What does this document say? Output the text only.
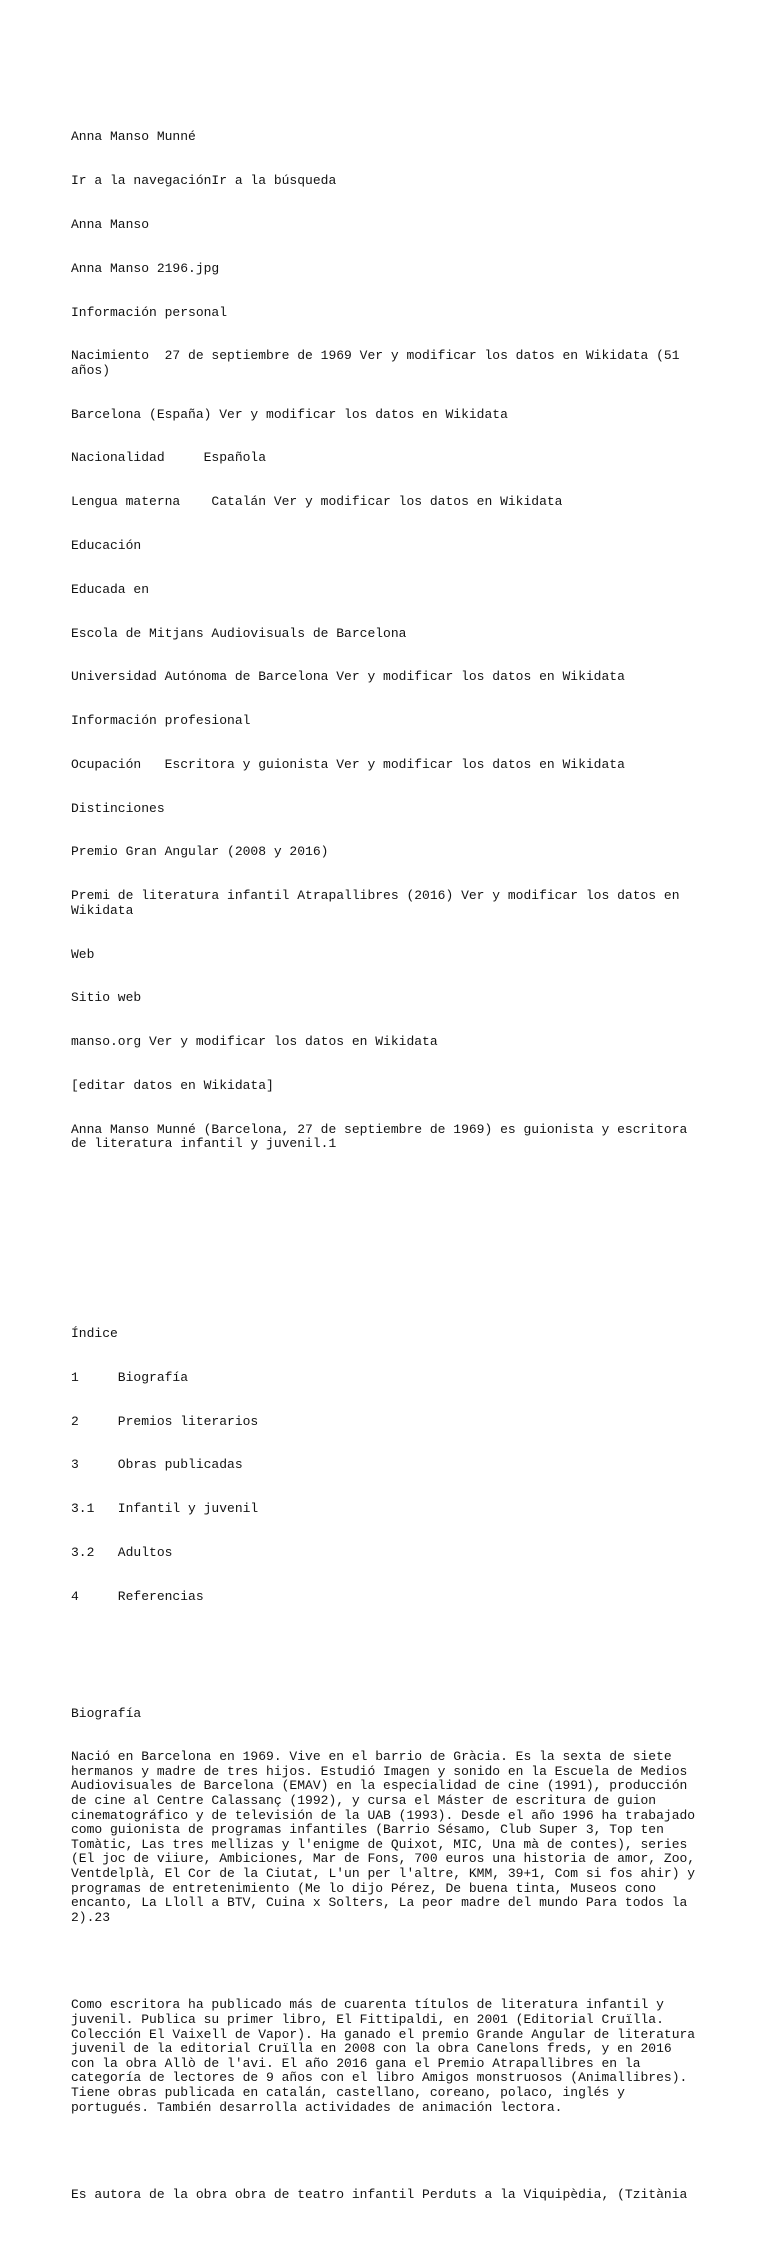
Anna Manso Munné

Ir a la navegaciónIr a la búsqueda

Anna Manso

Anna Manso 2196.jpg

Información personal

Nacimiento  27 de septiembre de 1969 Ver y modificar los datos en Wikidata (51 años)

Barcelona (España) Ver y modificar los datos en Wikidata

Nacionalidad     Española

Lengua materna    Catalán Ver y modificar los datos en Wikidata

Educación

Educada en

Escola de Mitjans Audiovisuals de Barcelona

Universidad Autónoma de Barcelona Ver y modificar los datos en Wikidata

Información profesional

Ocupación   Escritora y guionista Ver y modificar los datos en Wikidata

Distinciones

Premio Gran Angular (2008 y 2016)

Premi de literatura infantil Atrapallibres (2016) Ver y modificar los datos en Wikidata

Web

Sitio web

manso.org Ver y modificar los datos en Wikidata

[editar datos en Wikidata]

Anna Manso Munné (Barcelona, 27 de septiembre de 1969) es guionista y escritora de literatura infantil y juvenil.1

Índice

1     Biografía

2     Premios literarios

3     Obras publicadas

3.1   Infantil y juvenil

3.2   Adultos

4     Referencias

Biografía

Nació en Barcelona en 1969. Vive en el barrio de Gràcia. Es la sexta de siete hermanos y madre de tres hijos. Estudió Imagen y sonido en la Escuela de Medios Audiovisuales de Barcelona (EMAV) en la especialidad de cine (1991), producción de cine al Centre Calassanç (1992), y cursa el Máster de escritura de guion cinematográfico y de televisión de la UAB (1993). Desde el año 1996 ha trabajado como guionista de programas infantiles (Barrio Sésamo, Club Super 3, Top ten Tomàtic, Las tres mellizas y l'enigme de Quixot, MIC, Una mà de contes), series (El joc de viiure, Ambiciones, Mar de Fons, 700 euros una historia de amor, Zoo, Ventdelplà, El Cor de la Ciutat, L'un per l'altre, KMM, 39+1, Com si fos ahir) y programas de entretenimiento (Me lo dijo Pérez, De buena tinta, Museos cono encanto, La Lloll a BTV, Cuina x Solters, La peor madre del mundo Para todos la 2).23

Como escritora ha publicado más de cuarenta títulos de literatura infantil y juvenil. Publica su primer libro, El Fittipaldi, en 2001 (Editorial Cruïlla. Colección El Vaixell de Vapor). Ha ganado el premio Grande Angular de literatura juvenil de la editorial Cruïlla en 2008 con la obra Canelons freds, y en 2016 con la obra Allò de l'avi. El año 2016 gana el Premio Atrapallibres en la categoría de lectores de 9 años con el libro Amigos monstruosos (Animallibres). Tiene obras publicada en catalán, castellano, coreano, polaco, inglés y portugués. También desarrolla actividades de animación lectora.

Es autora de la obra obra de teatro infantil Perduts a la Viquipèdia, (Tzitània
